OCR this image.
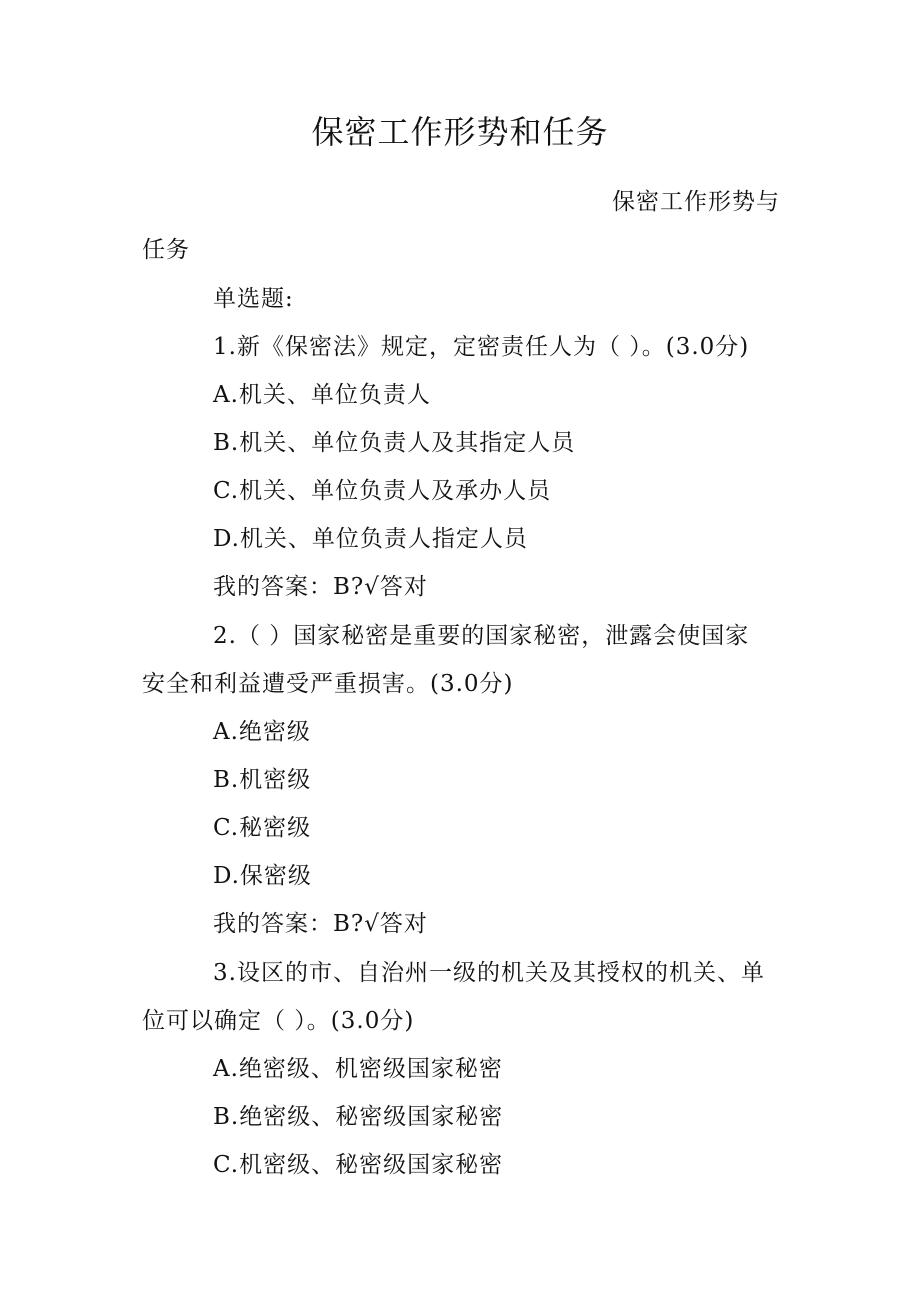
保密工作形势和任务
保密工作形势与
任务
单选题:
1.新《保密法》规定，定密责任人为（ ）。(3.0分)
A.机关、单位负责人
B.机关、单位负责人及其指定人员
C.机关、单位负责人及承办人员
D.机关、单位负责人指定人员
我的答案：B?√答对
2.（ ）国家秘密是重要的国家秘密，泄露会使国家
安全和利益遭受严重损害。(3.0分)
A.绝密级
B.机密级
C.秘密级
D.保密级
我的答案：B?√答对
3.设区的市、自治州一级的机关及其授权的机关、单
位可以确定（ ）。(3.0分)
A.绝密级、机密级国家秘密
B.绝密级、秘密级国家秘密
C.机密级、秘密级国家秘密
